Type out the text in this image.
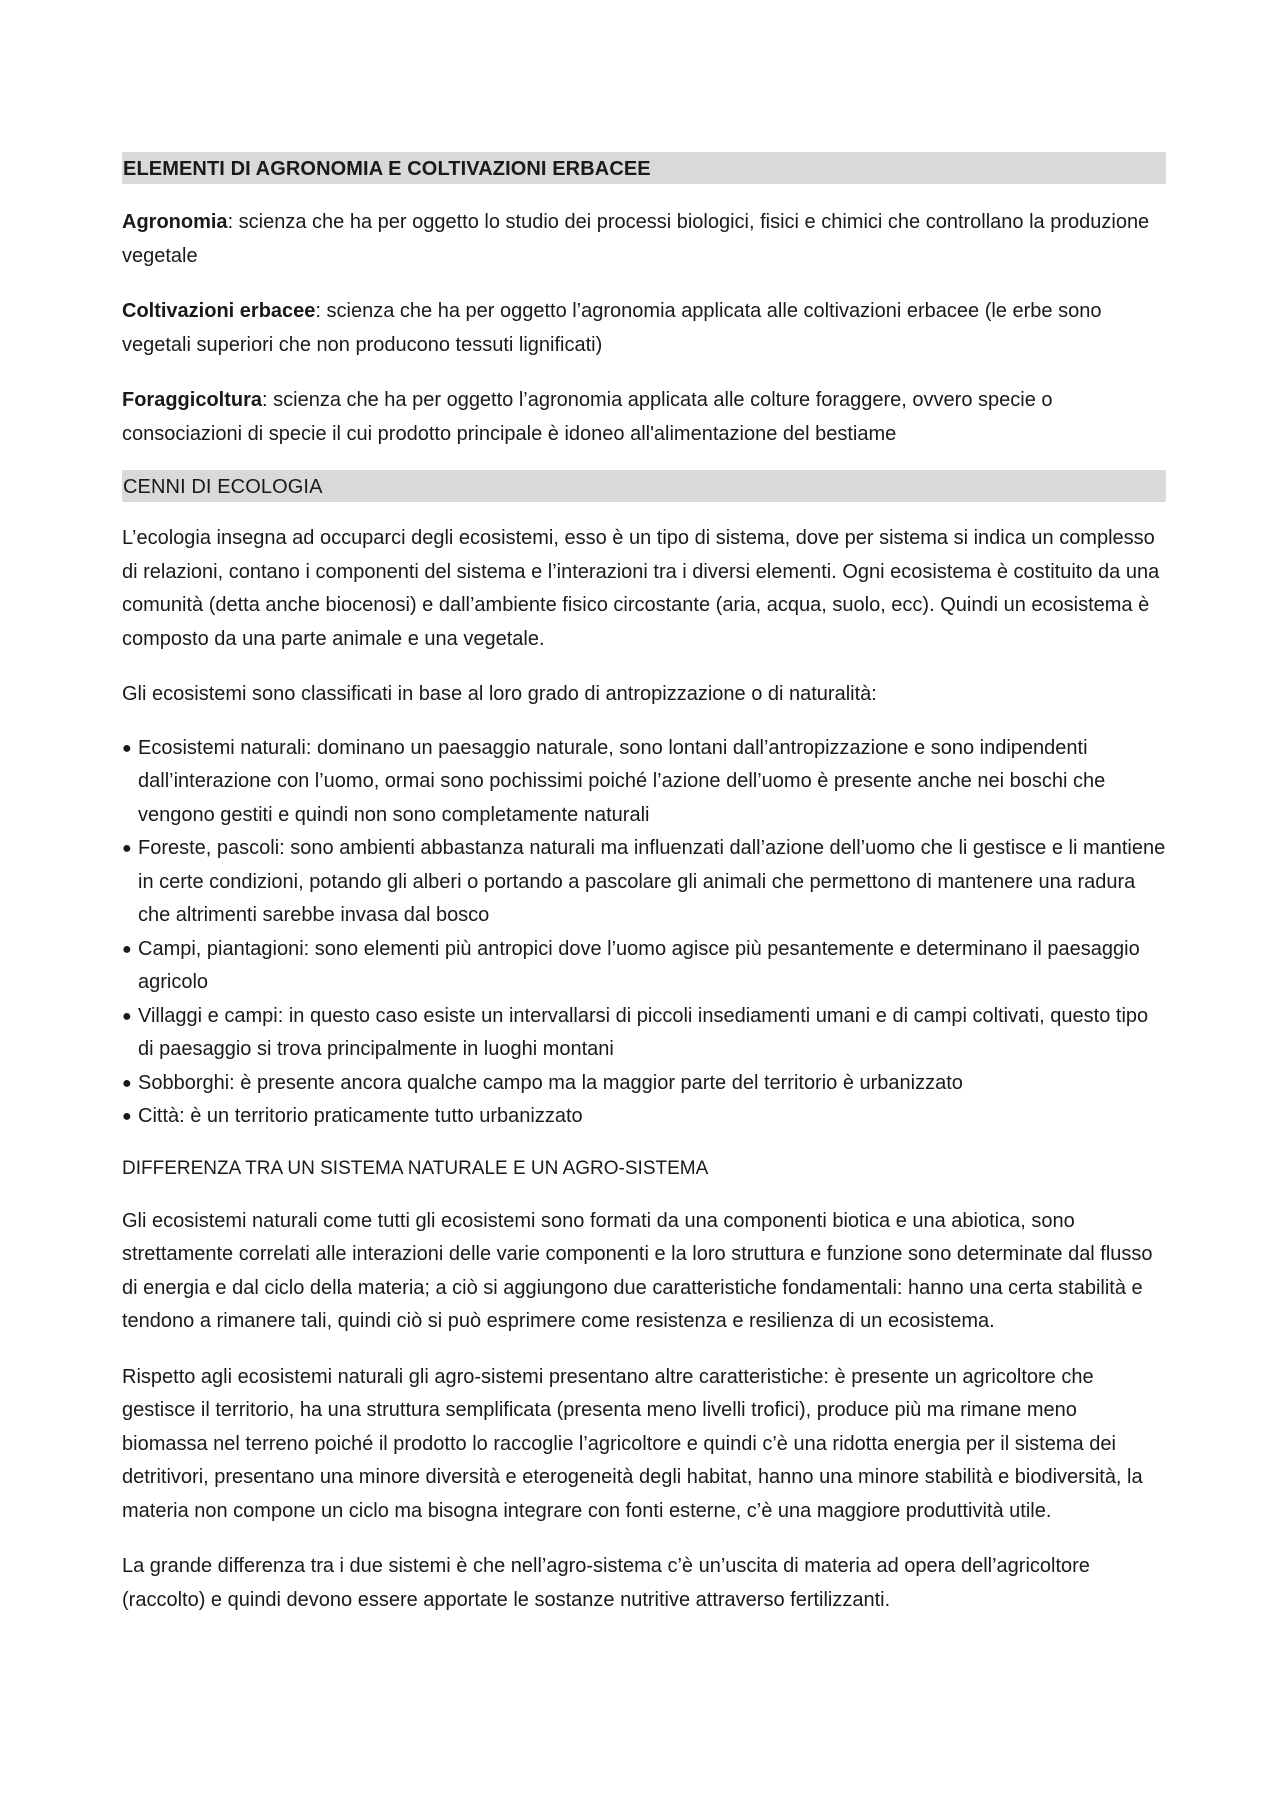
ELEMENTI DI AGRONOMIA E COLTIVAZIONI ERBACEE

Agronomia: scienza che ha per oggetto lo studio dei processi biologici, fisici e chimici che controllano la produzione vegetale

Coltivazioni erbacee: scienza che ha per oggetto l’agronomia applicata alle coltivazioni erbacee (le erbe sono vegetali superiori che non producono tessuti lignificati)

Foraggicoltura: scienza che ha per oggetto l’agronomia applicata alle colture foraggere, ovvero specie o consociazioni di specie il cui prodotto principale è idoneo all'alimentazione del bestiame

CENNI DI ECOLOGIA

L’ecologia insegna ad occuparci degli ecosistemi, esso è un tipo di sistema, dove per sistema si indica un complesso di relazioni, contano i componenti del sistema e l’interazioni tra i diversi elementi. Ogni ecosistema è costituito da una comunità (detta anche biocenosi) e dall’ambiente fisico circostante (aria, acqua, suolo, ecc). Quindi un ecosistema è composto da una parte animale e una vegetale.

Gli ecosistemi sono classificati in base al loro grado di antropizzazione o di naturalità:

● Ecosistemi naturali: dominano un paesaggio naturale, sono lontani dall’antropizzazione e sono indipendenti dall’interazione con l’uomo, ormai sono pochissimi poiché l’azione dell’uomo è presente anche nei boschi che vengono gestiti e quindi non sono completamente naturali
● Foreste, pascoli: sono ambienti abbastanza naturali ma influenzati dall’azione dell’uomo che li gestisce e li mantiene in certe condizioni, potando gli alberi o portando a pascolare gli animali che permettono di mantenere una radura che altrimenti sarebbe invasa dal bosco
● Campi, piantagioni: sono elementi più antropici dove l’uomo agisce più pesantemente e determinano il paesaggio agricolo
● Villaggi e campi: in questo caso esiste un intervallarsi di piccoli insediamenti umani e di campi coltivati, questo tipo di paesaggio si trova principalmente in luoghi montani
● Sobborghi: è presente ancora qualche campo ma la maggior parte del territorio è urbanizzato
● Città: è un territorio praticamente tutto urbanizzato
DIFFERENZA TRA UN SISTEMA NATURALE E UN AGRO-SISTEMA

Gli ecosistemi naturali come tutti gli ecosistemi sono formati da una componenti biotica e una abiotica, sono strettamente correlati alle interazioni delle varie componenti e la loro struttura e funzione sono determinate dal flusso di energia e dal ciclo della materia; a ciò si aggiungono due caratteristiche fondamentali: hanno una certa stabilità e tendono a rimanere tali, quindi ciò si può esprimere come resistenza e resilienza di un ecosistema.

Rispetto agli ecosistemi naturali gli agro-sistemi presentano altre caratteristiche: è presente un agricoltore che gestisce il territorio, ha una struttura semplificata (presenta meno livelli trofici), produce più ma rimane meno biomassa nel terreno poiché il prodotto lo raccoglie l’agricoltore e quindi c’è una ridotta energia per il sistema dei detritivori, presentano una minore diversità e eterogeneità degli habitat, hanno una minore stabilità e biodiversità, la materia non compone un ciclo ma bisogna integrare con fonti esterne, c’è una maggiore produttività utile.

La grande differenza tra i due sistemi è che nell’agro-sistema c’è un’uscita di materia ad opera dell’agricoltore (raccolto) e quindi devono essere apportate le sostanze nutritive attraverso fertilizzanti.
